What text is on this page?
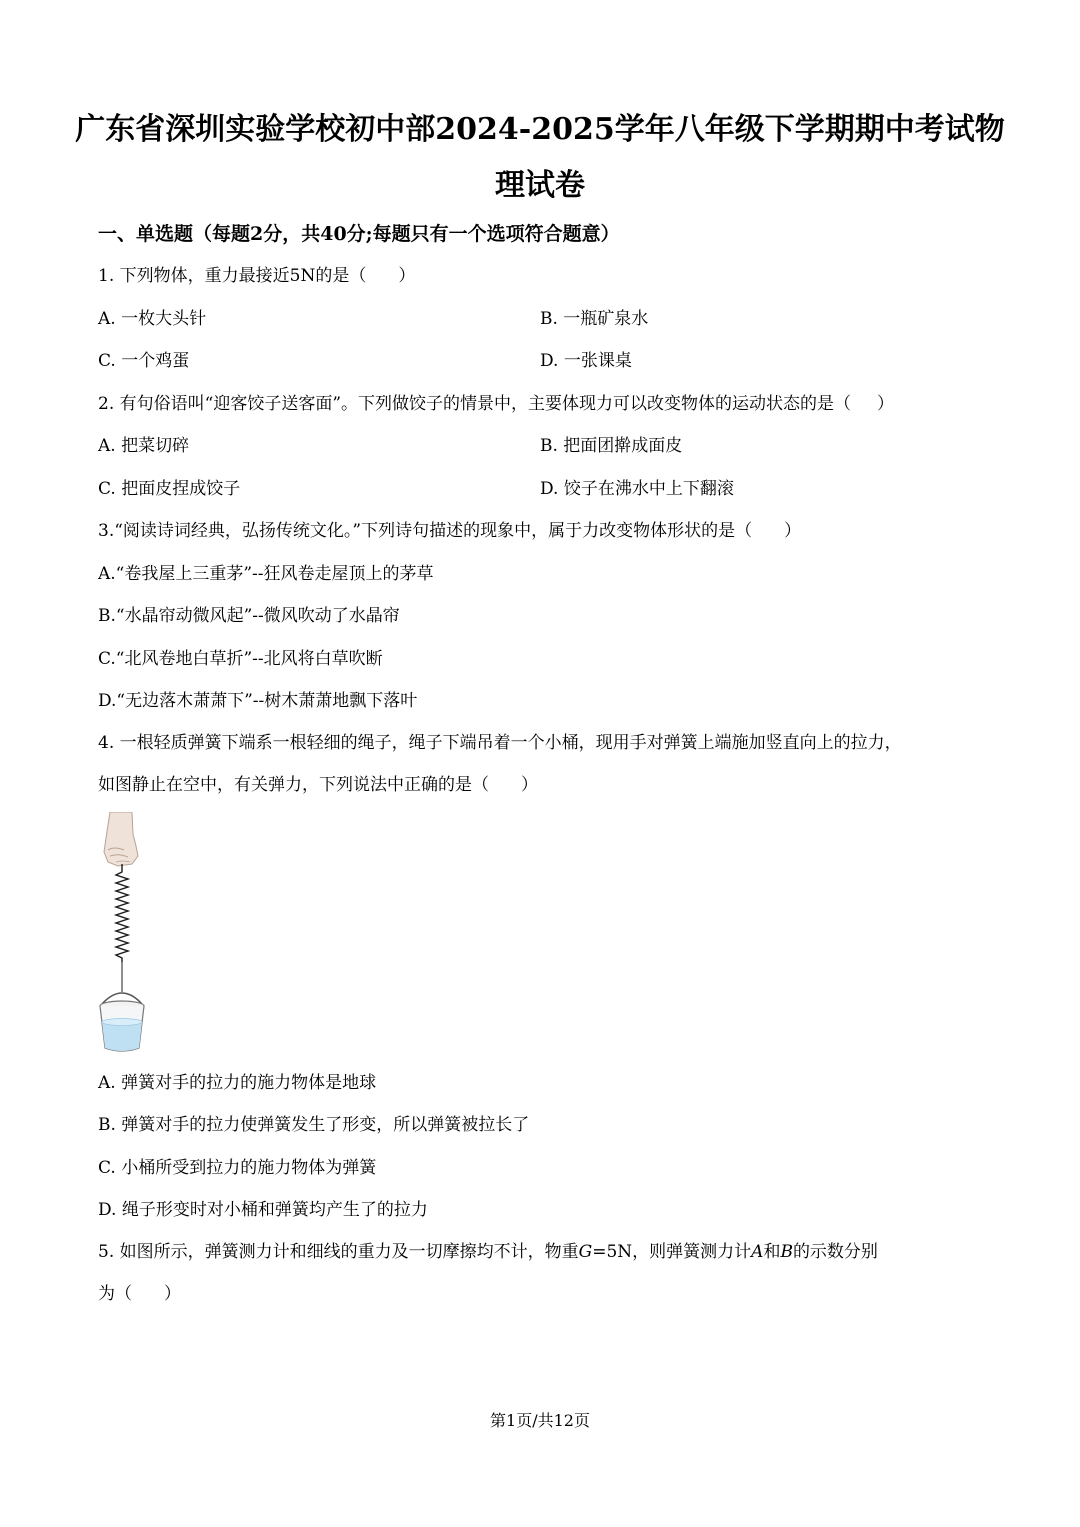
广东省深圳实验学校初中部2024-2025学年八年级下学期期中考试物
理试卷
一、单选题（每题2分，共40分;每题只有一个选项符合题意）
1. 下列物体，重力最接近5N的是（ ）
A. 一枚大头针	B. 一瓶矿泉水
C. 一个鸡蛋	D. 一张课桌
2. 有句俗语叫“迎客饺子送客面”。下列做饺子的情景中，主要体现力可以改变物体的运动状态的是（ ）
A. 把菜切碎	B. 把面团擀成面皮
C. 把面皮捏成饺子	D. 饺子在沸水中上下翻滚
3.“阅读诗词经典，弘扬传统文化。”下列诗句描述的现象中，属于力改变物体形状的是（ ）
A.“卷我屋上三重茅”--狂风卷走屋顶上的茅草
B.“水晶帘动微风起”--微风吹动了水晶帘
C.“北风卷地白草折”--北风将白草吹断
D.“无边落木萧萧下”--树木萧萧地飘下落叶
4. 一根轻质弹簧下端系一根轻细的绳子，绳子下端吊着一个小桶，现用手对弹簧上端施加竖直向上的拉力，
如图静止在空中，有关弹力，下列说法中正确的是（ ）
A. 弹簧对手的拉力的施力物体是地球
B. 弹簧对手的拉力使弹簧发生了形变，所以弹簧被拉长了
C. 小桶所受到拉力的施力物体为弹簧
D. 绳子形变时对小桶和弹簧均产生了的拉力
5. 如图所示，弹簧测力计和细线的重力及一切摩擦均不计，物重G=5N，则弹簧测力计A和B的示数分别
为（ ）
第1页/共12页
